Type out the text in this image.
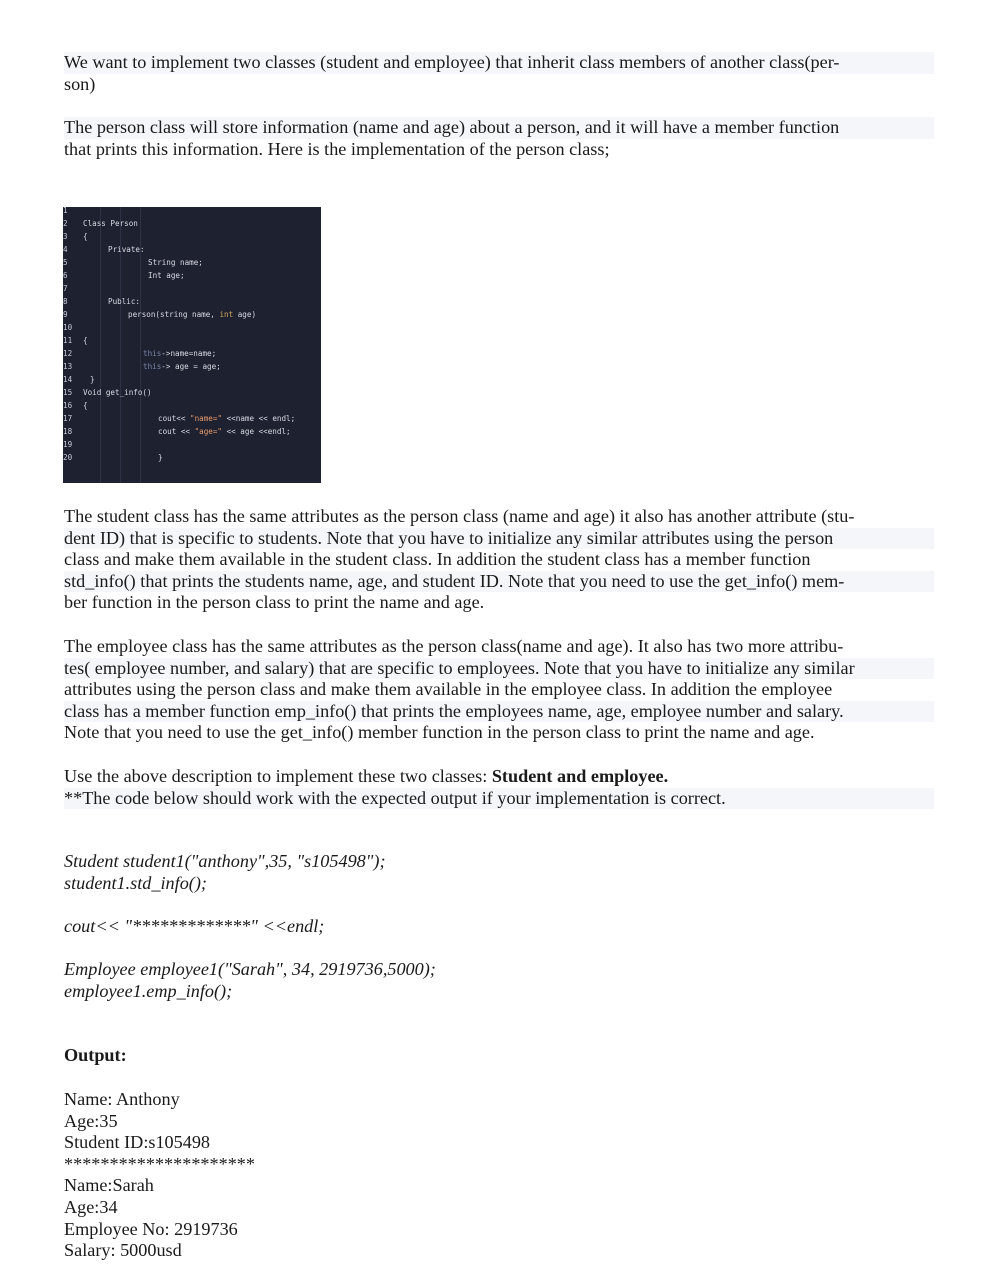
We want to implement two classes (student and employee) that inherit class members of another class(per-
son)

The person class will store information (name and age) about a person, and it will have a member function
that prints this information. Here is the implementation of the person class;

1
2
3
4
5
6
7
8
9
10
11
12
13
14
15
16
17
18
19
20
Class Person
{
Private:
String name;
Int age;
Public:
person(string name, int age)
{
this->name=name;
this-> age = age;
}
Void get_info()
{
cout<< "name=" <<name << endl;
cout << "age=" << age <<endl;
}

The student class has the same attributes as the person class (name and age) it also has another attribute (stu-
dent ID) that is specific to students. Note that you have to initialize any similar attributes using the person
class and make them available in the student class. In addition the student class has a member function
std_info() that prints the students name, age, and student ID. Note that you need to use the get_info() mem-
ber function in the person class to print the name and age.

The employee class has the same attributes as the person class(name and age). It also has two more attribu-
tes( employee number, and salary) that are specific to employees. Note that you have to initialize any similar
attributes using the person class and make them available in the employee class. In addition the employee
class has a member function emp_info() that prints the employees name, age, employee number and salary.
Note that you need to use the get_info() member function in the person class to print the name and age.

Use the above description to implement these two classes: Student and employee.
**The code below should work with the expected output if your implementation is correct.

Student student1("anthony",35, "s105498");
student1.std_info();

cout<< "*************" <<endl;

Employee employee1("Sarah", 34, 2919736,5000);
employee1.emp_info();

Output:

Name: Anthony
Age:35
Student ID:s105498
*********************
Name:Sarah
Age:34
Employee No: 2919736
Salary: 5000usd
